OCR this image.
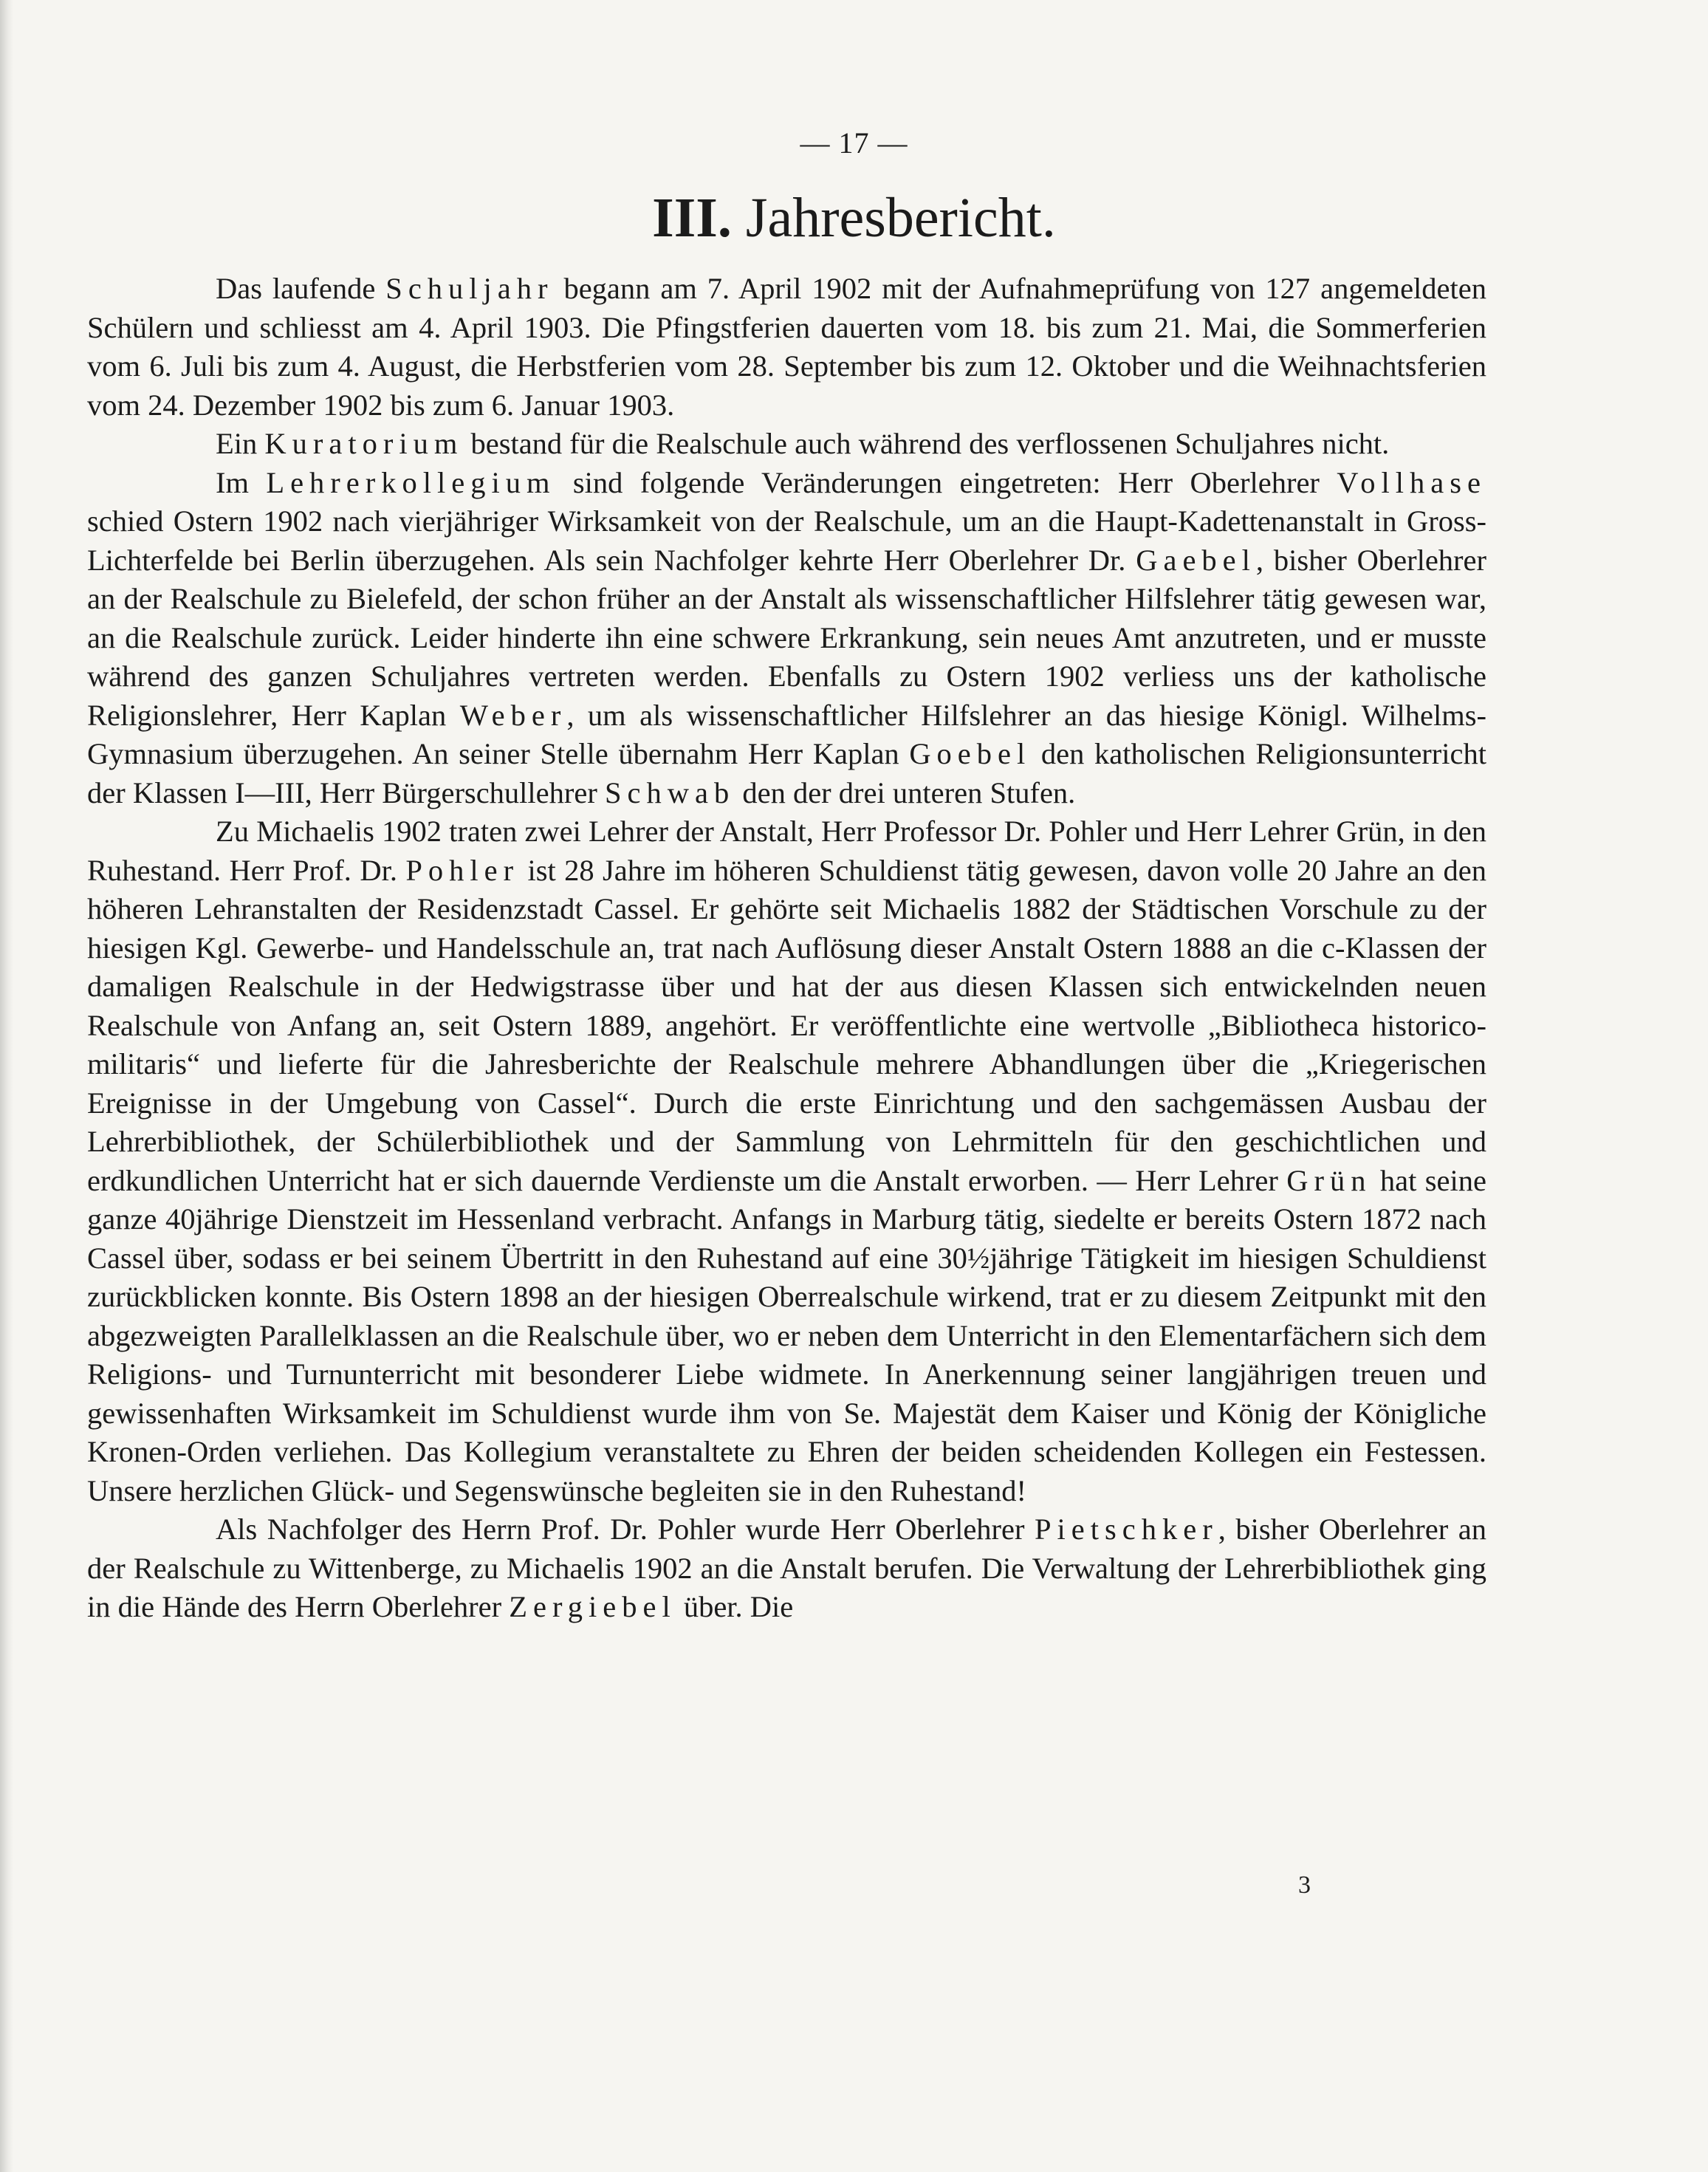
— 17 —
III. Jahresbericht.

Das laufende Schuljahr begann am 7. April 1902 mit der Aufnahmeprüfung von 127 angemeldeten Schülern und schliesst am 4. April 1903. Die Pfingstferien dauerten vom 18. bis zum 21. Mai, die Sommerferien vom 6. Juli bis zum 4. August, die Herbstferien vom 28. September bis zum 12. Oktober und die Weihnachtsferien vom 24. Dezember 1902 bis zum 6. Januar 1903.

Ein Kuratorium bestand für die Realschule auch während des verflossenen Schuljahres nicht.

Im Lehrerkollegium sind folgende Veränderungen eingetreten: Herr Oberlehrer Vollhase schied Ostern 1902 nach vierjähriger Wirksamkeit von der Realschule, um an die Haupt-Kadettenanstalt in Gross-Lichterfelde bei Berlin überzugehen. Als sein Nachfolger kehrte Herr Oberlehrer Dr. Gaebel, bisher Oberlehrer an der Realschule zu Bielefeld, der schon früher an der Anstalt als wissenschaftlicher Hilfslehrer tätig gewesen war, an die Realschule zurück. Leider hinderte ihn eine schwere Erkrankung, sein neues Amt anzutreten, und er musste während des ganzen Schuljahres vertreten werden. Ebenfalls zu Ostern 1902 verliess uns der katholische Religionslehrer, Herr Kaplan Weber, um als wissenschaftlicher Hilfslehrer an das hiesige Königl. Wilhelms-Gymnasium überzugehen. An seiner Stelle übernahm Herr Kaplan Goebel den katholischen Religionsunterricht der Klassen I—III, Herr Bürgerschullehrer Schwab den der drei unteren Stufen.

Zu Michaelis 1902 traten zwei Lehrer der Anstalt, Herr Professor Dr. Pohler und Herr Lehrer Grün, in den Ruhestand. Herr Prof. Dr. Pohler ist 28 Jahre im höheren Schuldienst tätig gewesen, davon volle 20 Jahre an den höheren Lehranstalten der Residenzstadt Cassel. Er gehörte seit Michaelis 1882 der Städtischen Vorschule zu der hiesigen Kgl. Gewerbe- und Handelsschule an, trat nach Auflösung dieser Anstalt Ostern 1888 an die c-Klassen der damaligen Realschule in der Hedwigstrasse über und hat der aus diesen Klassen sich entwickelnden neuen Realschule von Anfang an, seit Ostern 1889, angehört. Er veröffentlichte eine wertvolle „Bibliotheca historico-militaris“ und lieferte für die Jahresberichte der Realschule mehrere Abhandlungen über die „Kriegerischen Ereignisse in der Umgebung von Cassel“. Durch die erste Einrichtung und den sachgemässen Ausbau der Lehrerbibliothek, der Schülerbibliothek und der Sammlung von Lehrmitteln für den geschichtlichen und erdkundlichen Unterricht hat er sich dauernde Verdienste um die Anstalt erworben. — Herr Lehrer Grün hat seine ganze 40jährige Dienstzeit im Hessenland verbracht. Anfangs in Marburg tätig, siedelte er bereits Ostern 1872 nach Cassel über, sodass er bei seinem Übertritt in den Ruhestand auf eine 30½jährige Tätigkeit im hiesigen Schuldienst zurückblicken konnte. Bis Ostern 1898 an der hiesigen Oberrealschule wirkend, trat er zu diesem Zeitpunkt mit den abgezweigten Parallelklassen an die Realschule über, wo er neben dem Unterricht in den Elementarfächern sich dem Religions- und Turnunterricht mit besonderer Liebe widmete. In Anerkennung seiner langjährigen treuen und gewissenhaften Wirksamkeit im Schuldienst wurde ihm von Se. Majestät dem Kaiser und König der Königliche Kronen-Orden verliehen. Das Kollegium veranstaltete zu Ehren der beiden scheidenden Kollegen ein Festessen. Unsere herzlichen Glück- und Segenswünsche begleiten sie in den Ruhestand!

Als Nachfolger des Herrn Prof. Dr. Pohler wurde Herr Oberlehrer Pietschker, bisher Oberlehrer an der Realschule zu Wittenberge, zu Michaelis 1902 an die Anstalt berufen. Die Verwaltung der Lehrerbibliothek ging in die Hände des Herrn Oberlehrer Zergiebel über. Die

3
